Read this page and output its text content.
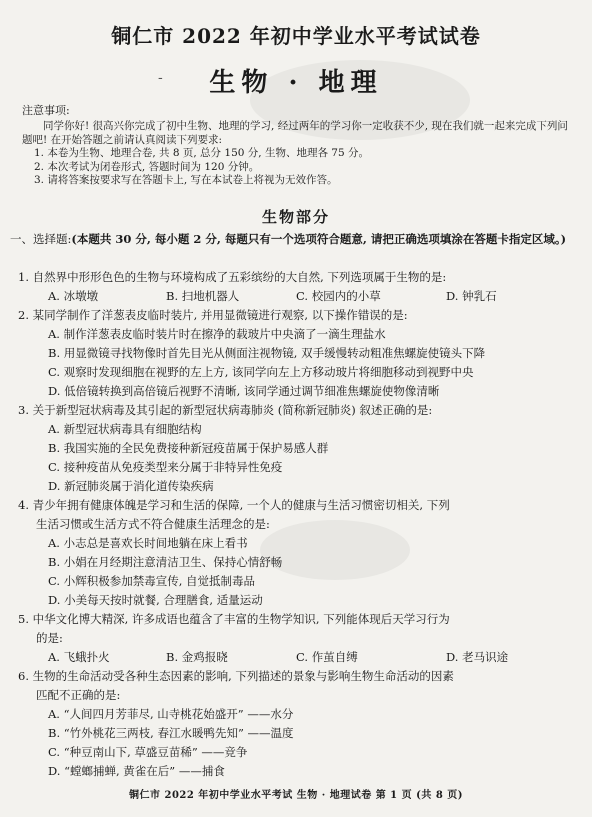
铜仁市 2022 年初中学业水平考试试卷
- 生物 · 地理
注意事项:
同学你好! 很高兴你完成了初中生物、地理的学习, 经过两年的学习你一定收获不少, 现在我们就一起来完成下列问题吧! 在开始答题之前请认真阅读下列要求:
1. 本卷为生物、地理合卷, 共 8 页, 总分 150 分, 生物、地理各 75 分。
2. 本次考试为闭卷形式, 答题时间为 120 分钟。
3. 请将答案按要求写在答题卡上, 写在本试卷上将视为无效作答。
生物部分
一、选择题:(本题共 30 分, 每小题 2 分, 每题只有一个选项符合题意, 请把正确选项填涂在答题卡指定区域。)
1. 自然界中形形色色的生物与环境构成了五彩缤纷的大自然, 下列选项属于生物的是:
A. 冰墩墩	B. 扫地机器人	C. 校园内的小草	D. 钟乳石
2. 某同学制作了洋葱表皮临时装片, 并用显微镜进行观察, 以下操作错误的是:
A. 制作洋葱表皮临时装片时在擦净的载玻片中央滴了一滴生理盐水
B. 用显微镜寻找物像时首先目光从侧面注视物镜, 双手缓慢转动粗准焦螺旋使镜头下降
C. 观察时发现细胞在视野的左上方, 该同学向左上方移动玻片将细胞移动到视野中央
D. 低倍镜转换到高倍镜后视野不清晰, 该同学通过调节细准焦螺旋使物像清晰
3. 关于新型冠状病毒及其引起的新型冠状病毒肺炎 (简称新冠肺炎) 叙述正确的是:
A. 新型冠状病毒具有细胞结构
B. 我国实施的全民免费接种新冠疫苗属于保护易感人群
C. 接种疫苗从免疫类型来分属于非特异性免疫
D. 新冠肺炎属于消化道传染疾病
4. 青少年拥有健康体魄是学习和生活的保障, 一个人的健康与生活习惯密切相关, 下列
生活习惯或生活方式不符合健康生活理念的是:
A. 小志总是喜欢长时间地躺在床上看书
B. 小娟在月经期注意清洁卫生、保持心情舒畅
C. 小辉积极参加禁毒宣传, 自觉抵制毒品
D. 小美每天按时就餐, 合理膳食, 适量运动
5. 中华文化博大精深, 许多成语也蕴含了丰富的生物学知识, 下列能体现后天学习行为
的是:
A. 飞蛾扑火	B. 金鸡报晓	C. 作茧自缚	D. 老马识途
6. 生物的生命活动受各种生态因素的影响, 下列描述的景象与影响生物生命活动的因素
匹配不正确的是:
A. “人间四月芳菲尽, 山寺桃花始盛开” ——水分
B. “竹外桃花三两枝, 春江水暖鸭先知” ——温度
C. “种豆南山下, 草盛豆苗稀” ——竞争
D. “螳螂捕蝉, 黄雀在后” ——捕食
铜仁市 2022 年初中学业水平考试 生物 · 地理试卷 第 1 页 (共 8 页)
